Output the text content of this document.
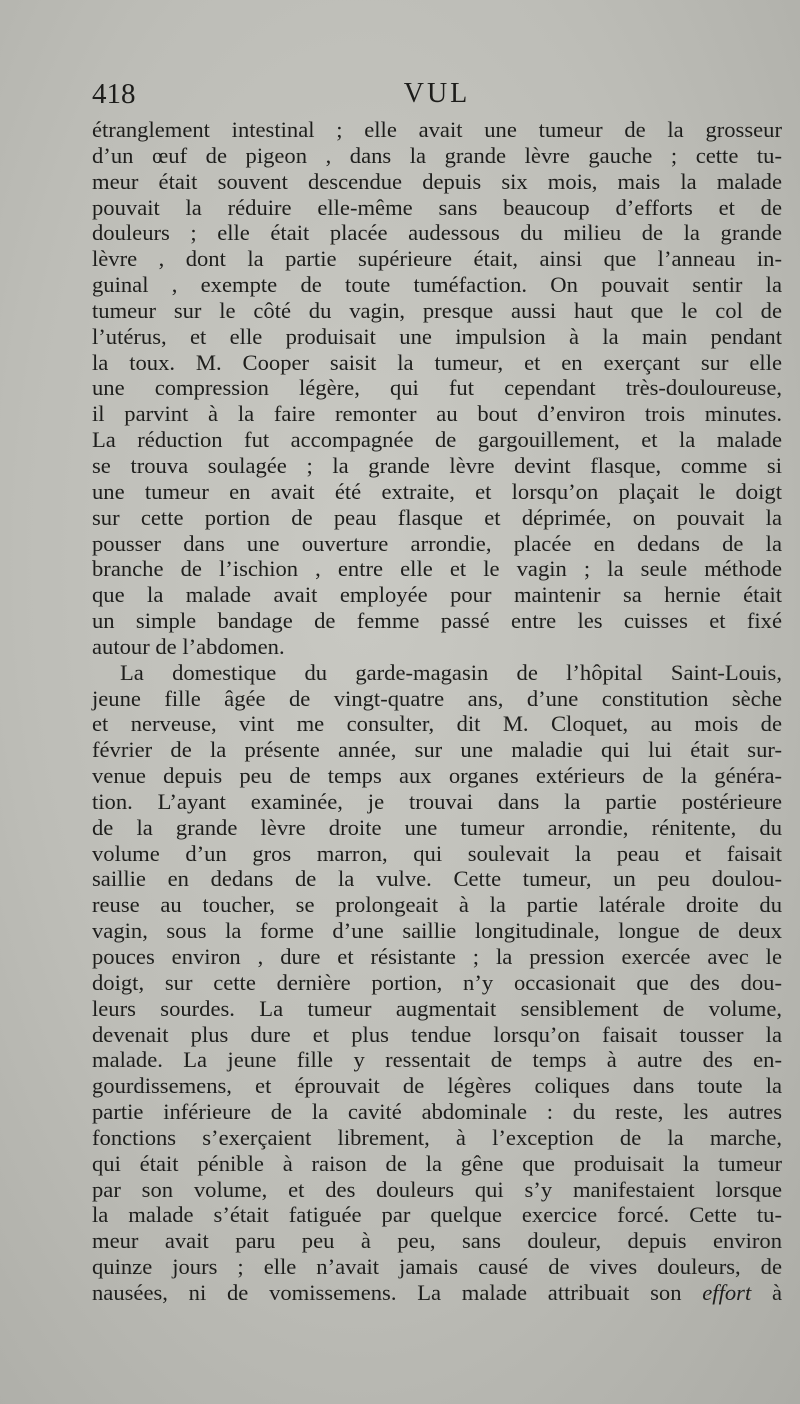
418	VUL
étranglement intestinal ; elle avait une tumeur de la grosseur
d’un œuf de pigeon , dans la grande lèvre gauche ; cette tu-
meur était souvent descendue depuis six mois, mais la malade
pouvait la réduire elle-même sans beaucoup d’efforts et de
douleurs ; elle était placée audessous du milieu de la grande
lèvre , dont la partie supérieure était, ainsi que l’anneau in-
guinal , exempte de toute tuméfaction. On pouvait sentir la
tumeur sur le côté du vagin, presque aussi haut que le col de
l’utérus, et elle produisait une impulsion à la main pendant
la toux. M. Cooper saisit la tumeur, et en exerçant sur elle
une compression légère, qui fut cependant très-douloureuse,
il parvint à la faire remonter au bout d’environ trois minutes.
La réduction fut accompagnée de gargouillement, et la malade
se trouva soulagée ; la grande lèvre devint flasque, comme si
une tumeur en avait été extraite, et lorsqu’on plaçait le doigt
sur cette portion de peau flasque et déprimée, on pouvait la
pousser dans une ouverture arrondie, placée en dedans de la
branche de l’ischion , entre elle et le vagin ; la seule méthode
que la malade avait employée pour maintenir sa hernie était
un simple bandage de femme passé entre les cuisses et fixé
autour de l’abdomen.
La domestique du garde-magasin de l’hôpital Saint-Louis,
jeune fille âgée de vingt-quatre ans, d’une constitution sèche
et nerveuse, vint me consulter, dit M. Cloquet, au mois de
février de la présente année, sur une maladie qui lui était sur-
venue depuis peu de temps aux organes extérieurs de la généra-
tion. L’ayant examinée, je trouvai dans la partie postérieure
de la grande lèvre droite une tumeur arrondie, rénitente, du
volume d’un gros marron, qui soulevait la peau et faisait
saillie en dedans de la vulve. Cette tumeur, un peu doulou-
reuse au toucher, se prolongeait à la partie latérale droite du
vagin, sous la forme d’une saillie longitudinale, longue de deux
pouces environ , dure et résistante ; la pression exercée avec le
doigt, sur cette dernière portion, n’y occasionait que des dou-
leurs sourdes. La tumeur augmentait sensiblement de volume,
devenait plus dure et plus tendue lorsqu’on faisait tousser la
malade. La jeune fille y ressentait de temps à autre des en-
gourdissemens, et éprouvait de légères coliques dans toute la
partie inférieure de la cavité abdominale : du reste, les autres
fonctions s’exerçaient librement, à l’exception de la marche,
qui était pénible à raison de la gêne que produisait la tumeur
par son volume, et des douleurs qui s’y manifestaient lorsque
la malade s’était fatiguée par quelque exercice forcé. Cette tu-
meur avait paru peu à peu, sans douleur, depuis environ
quinze jours ; elle n’avait jamais causé de vives douleurs, de
nausées, ni de vomissemens. La malade attribuait son effort à
